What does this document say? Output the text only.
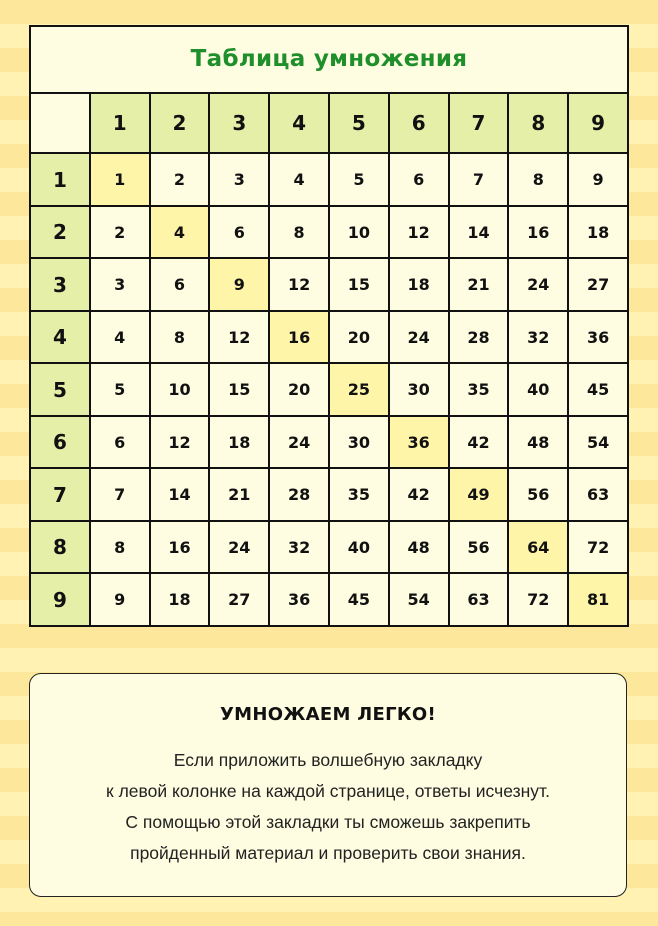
Таблица умножения									
	1	2	3	4	5	6	7	8	9
1	1	2	3	4	5	6	7	8	9
2	2	4	6	8	10	12	14	16	18
3	3	6	9	12	15	18	21	24	27
4	4	8	12	16	20	24	28	32	36
5	5	10	15	20	25	30	35	40	45
6	6	12	18	24	30	36	42	48	54
7	7	14	21	28	35	42	49	56	63
8	8	16	24	32	40	48	56	64	72
9	9	18	27	36	45	54	63	72	81
УМНОЖАЕМ ЛЕГКО!
Если приложить волшебную закладку
к левой колонке на каждой странице, ответы исчезнут.
С помощью этой закладки ты сможешь закрепить
пройденный материал и проверить свои знания.
